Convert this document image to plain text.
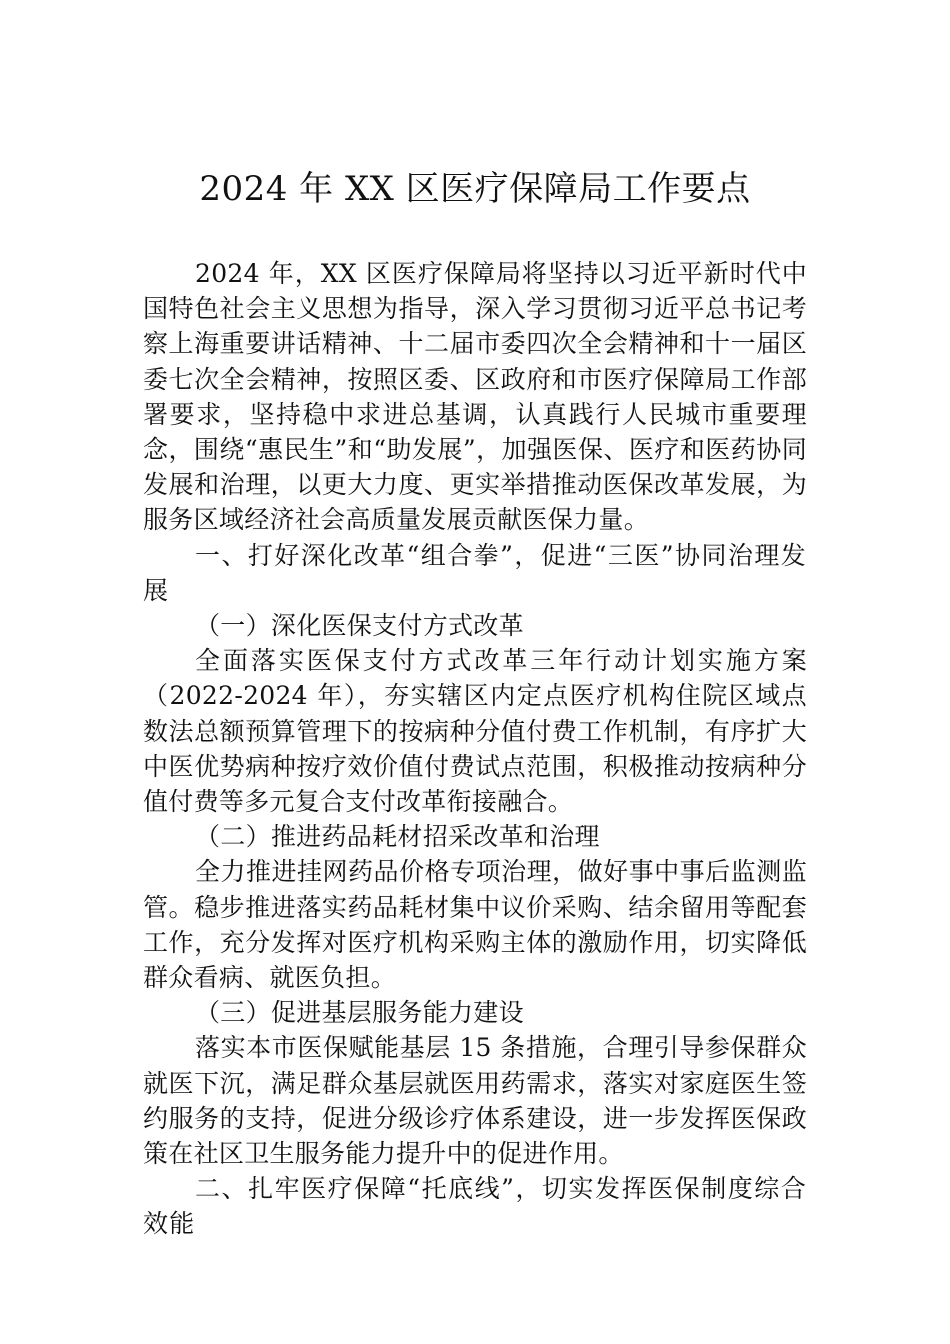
2024 年 XX 区医疗保障局工作要点

2024 年，XX 区医疗保障局将坚持以习近平新时代中国特色社会主义思想为指导，深入学习贯彻习近平总书记考察上海重要讲话精神、十二届市委四次全会精神和十一届区委七次全会精神，按照区委、区政府和市医疗保障局工作部署要求，坚持稳中求进总基调，认真践行人民城市重要理念，围绕“惠民生”和“助发展”，加强医保、医疗和医药协同发展和治理，以更大力度、更实举措推动医保改革发展，为服务区域经济社会高质量发展贡献医保力量。

一、打好深化改革“组合拳”，促进“三医”协同治理发展

（一）深化医保支付方式改革

全面落实医保支付方式改革三年行动计划实施方案（2022-2024 年），夯实辖区内定点医疗机构住院区域点数法总额预算管理下的按病种分值付费工作机制，有序扩大中医优势病种按疗效价值付费试点范围，积极推动按病种分值付费等多元复合支付改革衔接融合。

（二）推进药品耗材招采改革和治理

全力推进挂网药品价格专项治理，做好事中事后监测监管。稳步推进落实药品耗材集中议价采购、结余留用等配套工作，充分发挥对医疗机构采购主体的激励作用，切实降低群众看病、就医负担。

（三）促进基层服务能力建设

落实本市医保赋能基层 15 条措施，合理引导参保群众就医下沉，满足群众基层就医用药需求，落实对家庭医生签约服务的支持，促进分级诊疗体系建设，进一步发挥医保政策在社区卫生服务能力提升中的促进作用。

二、扎牢医疗保障“托底线”，切实发挥医保制度综合效能
